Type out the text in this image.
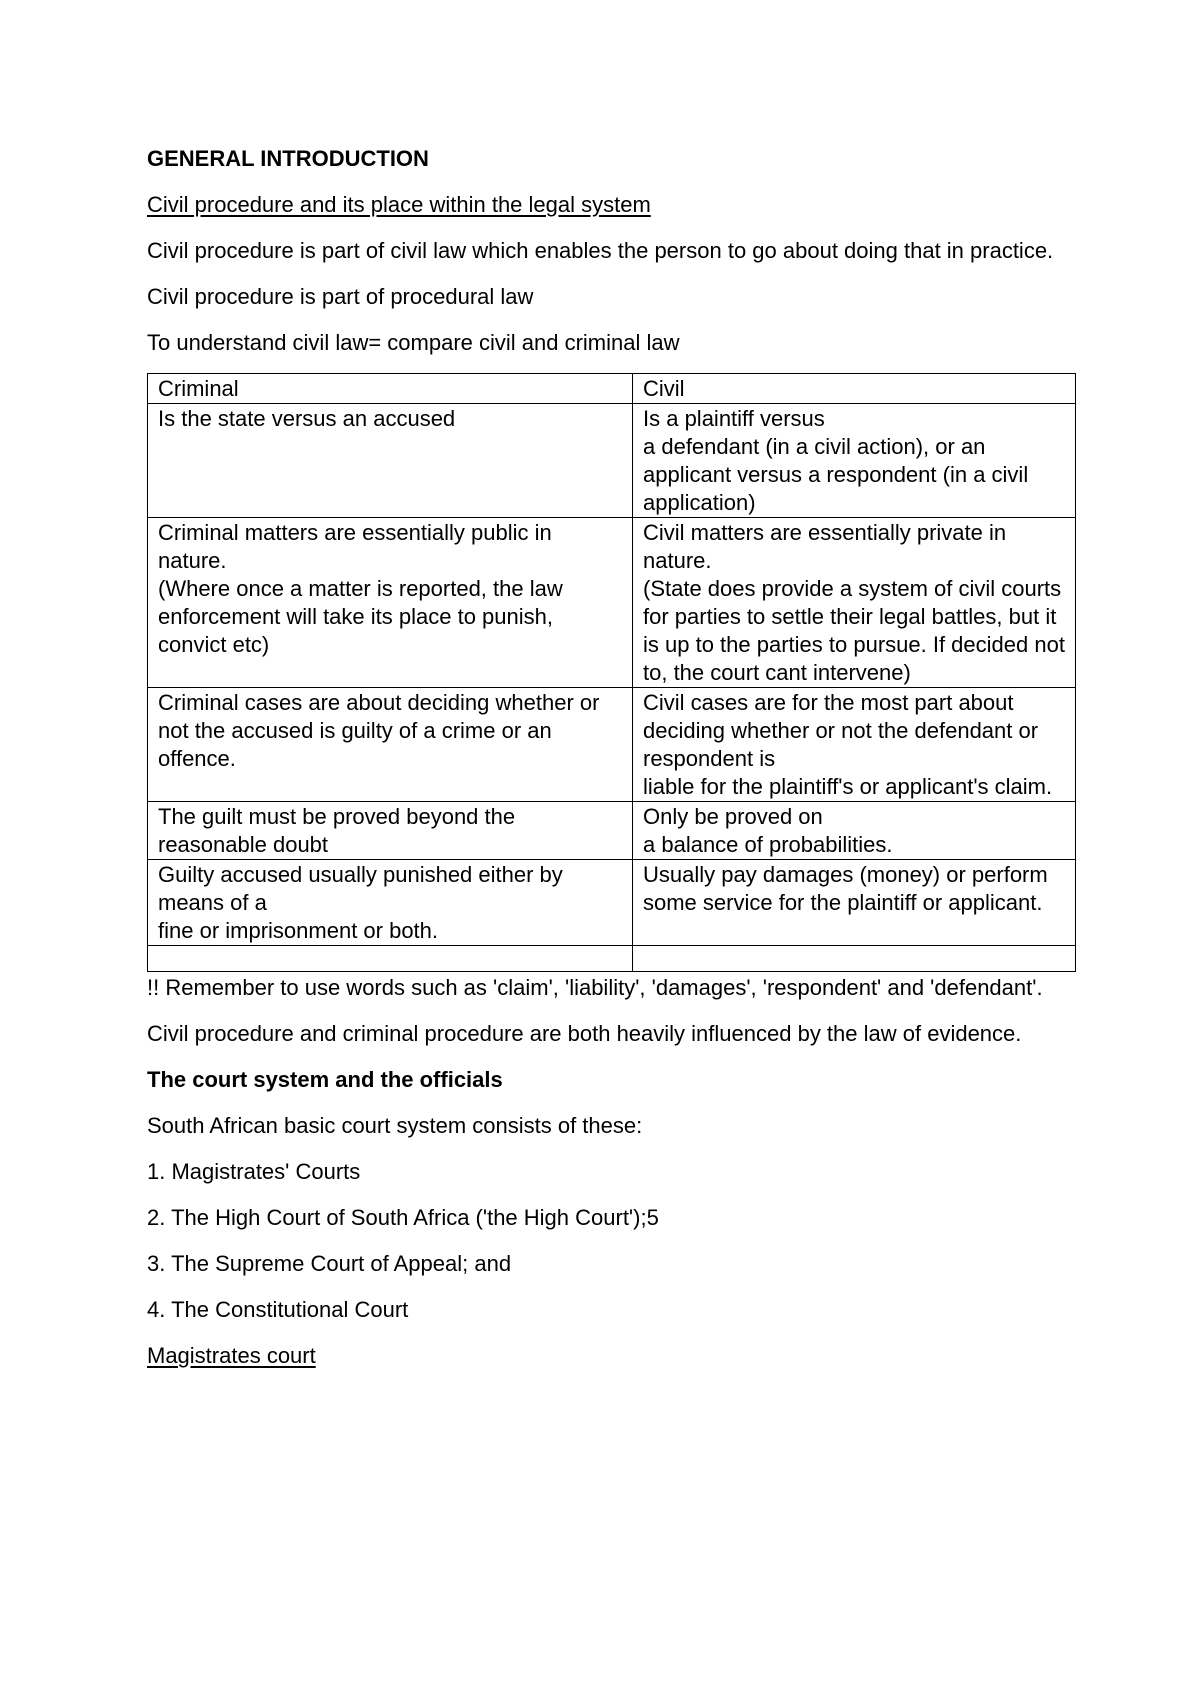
GENERAL INTRODUCTION
Civil procedure and its place within the legal system
Civil procedure is part of civil law which enables the person to go about doing that in practice.
Civil procedure is part of procedural law
To understand civil law= compare civil and criminal law
Criminal	Civil

Is the state versus an accused	Is a plaintiff versus
a defendant (in a civil action), or an applicant versus a respondent (in a civil application)

Criminal matters are essentially public in nature.
(Where once a matter is reported, the law enforcement will take its place to punish, convict etc)	Civil matters are essentially private in nature.
(State does provide a system of civil courts for parties to settle their legal battles, but it is up to the parties to pursue. If decided not to, the court cant intervene)

Criminal cases are about deciding whether or not the accused is guilty of a crime or an offence.	Civil cases are for the most part about deciding whether or not the defendant or respondent is
liable for the plaintiff's or applicant's claim.

The guilt must be proved beyond the reasonable doubt	Only be proved on
a balance of probabilities.

Guilty accused usually punished either by means of a
fine or imprisonment or both.	Usually pay damages (money) or perform some service for the plaintiff or applicant.

!! Remember to use words such as 'claim', 'liability', 'damages', 'respondent' and 'defendant'.
Civil procedure and criminal procedure are both heavily influenced by the law of evidence.
The court system and the officials
South African basic court system consists of these:
1. Magistrates' Courts
2. The High Court of South Africa ('the High Court');5
3. The Supreme Court of Appeal; and
4. The Constitutional Court
Magistrates court
